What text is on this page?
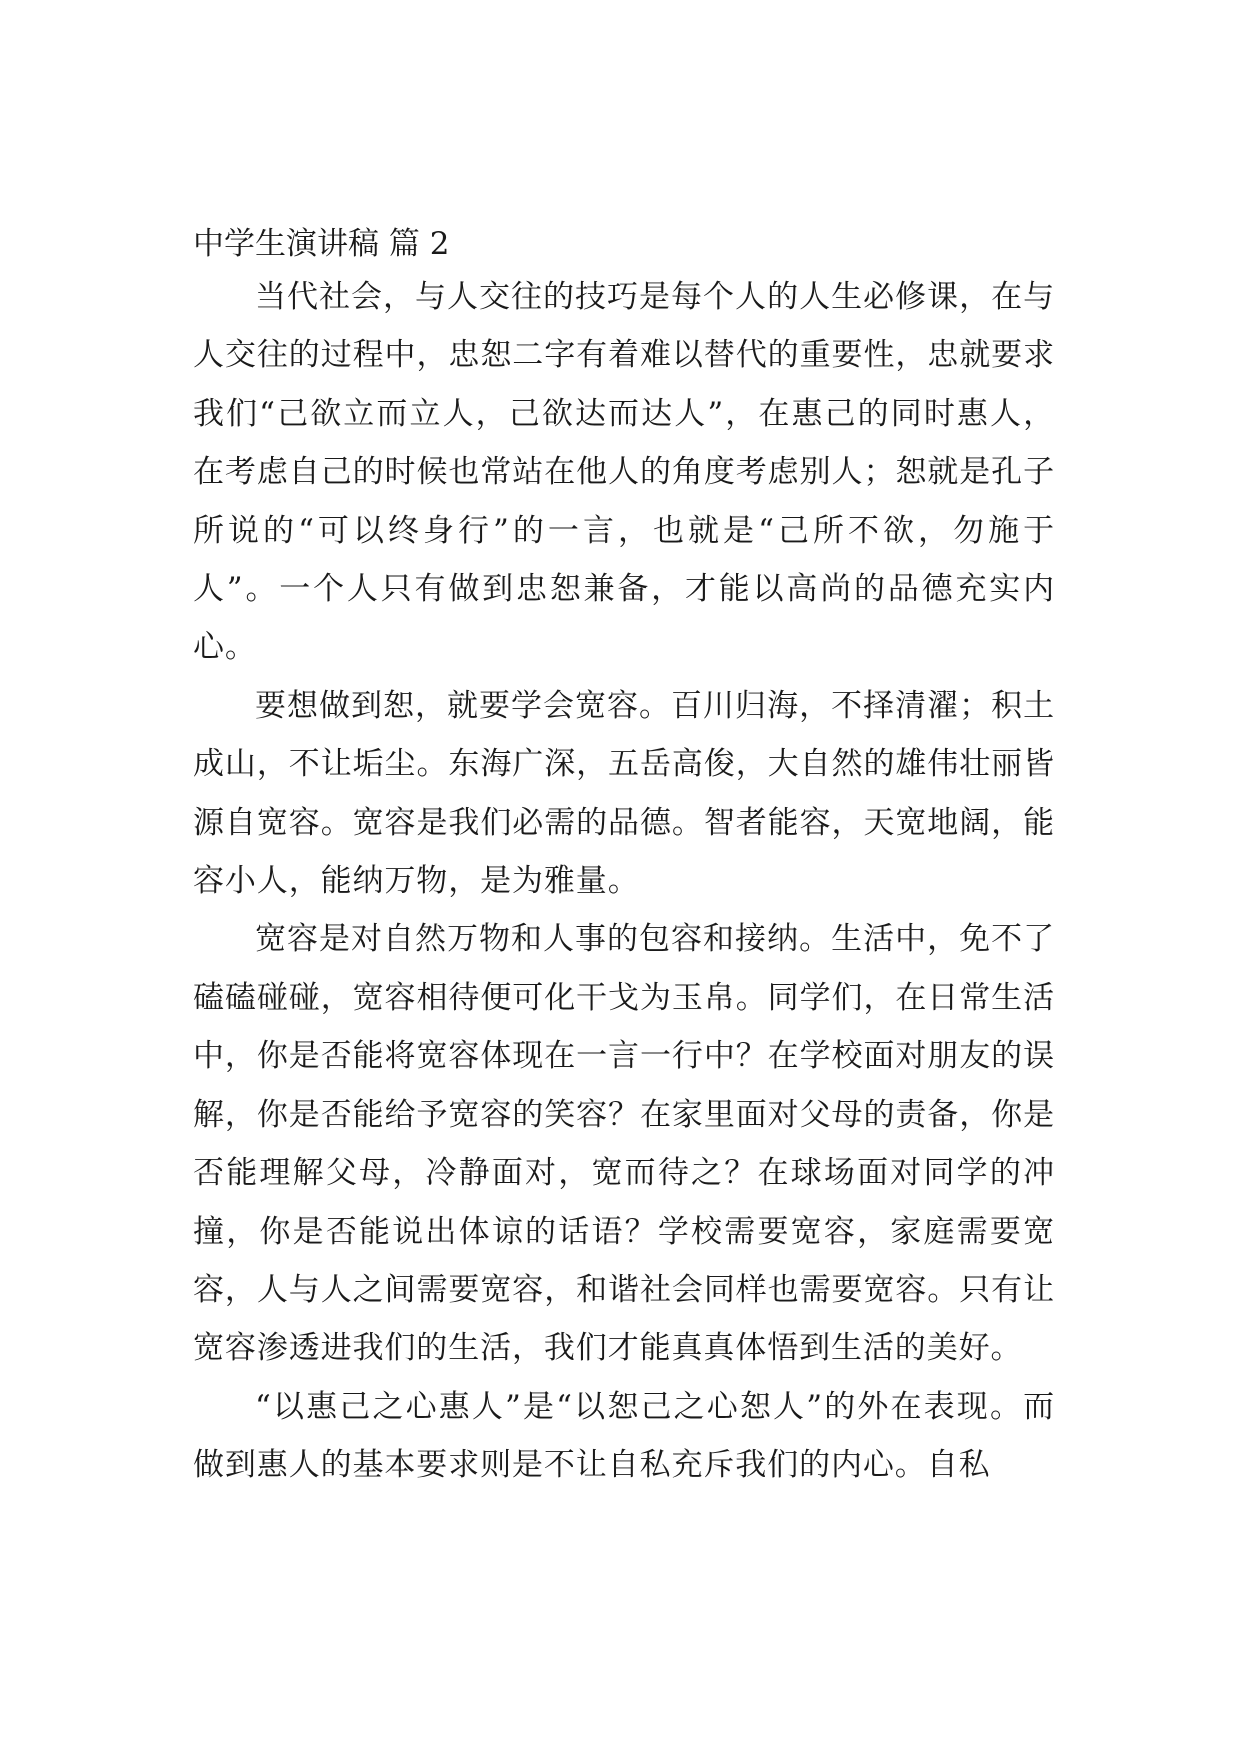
中学生演讲稿 篇 2

当代社会，与人交往的技巧是每个人的人生必修课，在与人交往的过程中，忠恕二字有着难以替代的重要性，忠就要求我们“己欲立而立人，己欲达而达人”，在惠己的同时惠人，在考虑自己的时候也常站在他人的角度考虑别人；恕就是孔子所说的“可以终身行”的一言，也就是“己所不欲，勿施于人”。一个人只有做到忠恕兼备，才能以高尚的品德充实内心。

要想做到恕，就要学会宽容。百川归海，不择清濯；积土成山，不让垢尘。东海广深，五岳高俊，大自然的雄伟壮丽皆源自宽容。宽容是我们必需的品德。智者能容，天宽地阔，能容小人，能纳万物，是为雅量。

宽容是对自然万物和人事的包容和接纳。生活中，免不了磕磕碰碰，宽容相待便可化干戈为玉帛。同学们，在日常生活中，你是否能将宽容体现在一言一行中？在学校面对朋友的误解，你是否能给予宽容的笑容？在家里面对父母的责备，你是否能理解父母，冷静面对，宽而待之？在球场面对同学的冲撞，你是否能说出体谅的话语？学校需要宽容，家庭需要宽容，人与人之间需要宽容，和谐社会同样也需要宽容。只有让宽容渗透进我们的生活，我们才能真真体悟到生活的美好。

“以惠己之心惠人”是“以恕己之心恕人”的外在表现。而做到惠人的基本要求则是不让自私充斥我们的内心。自私
